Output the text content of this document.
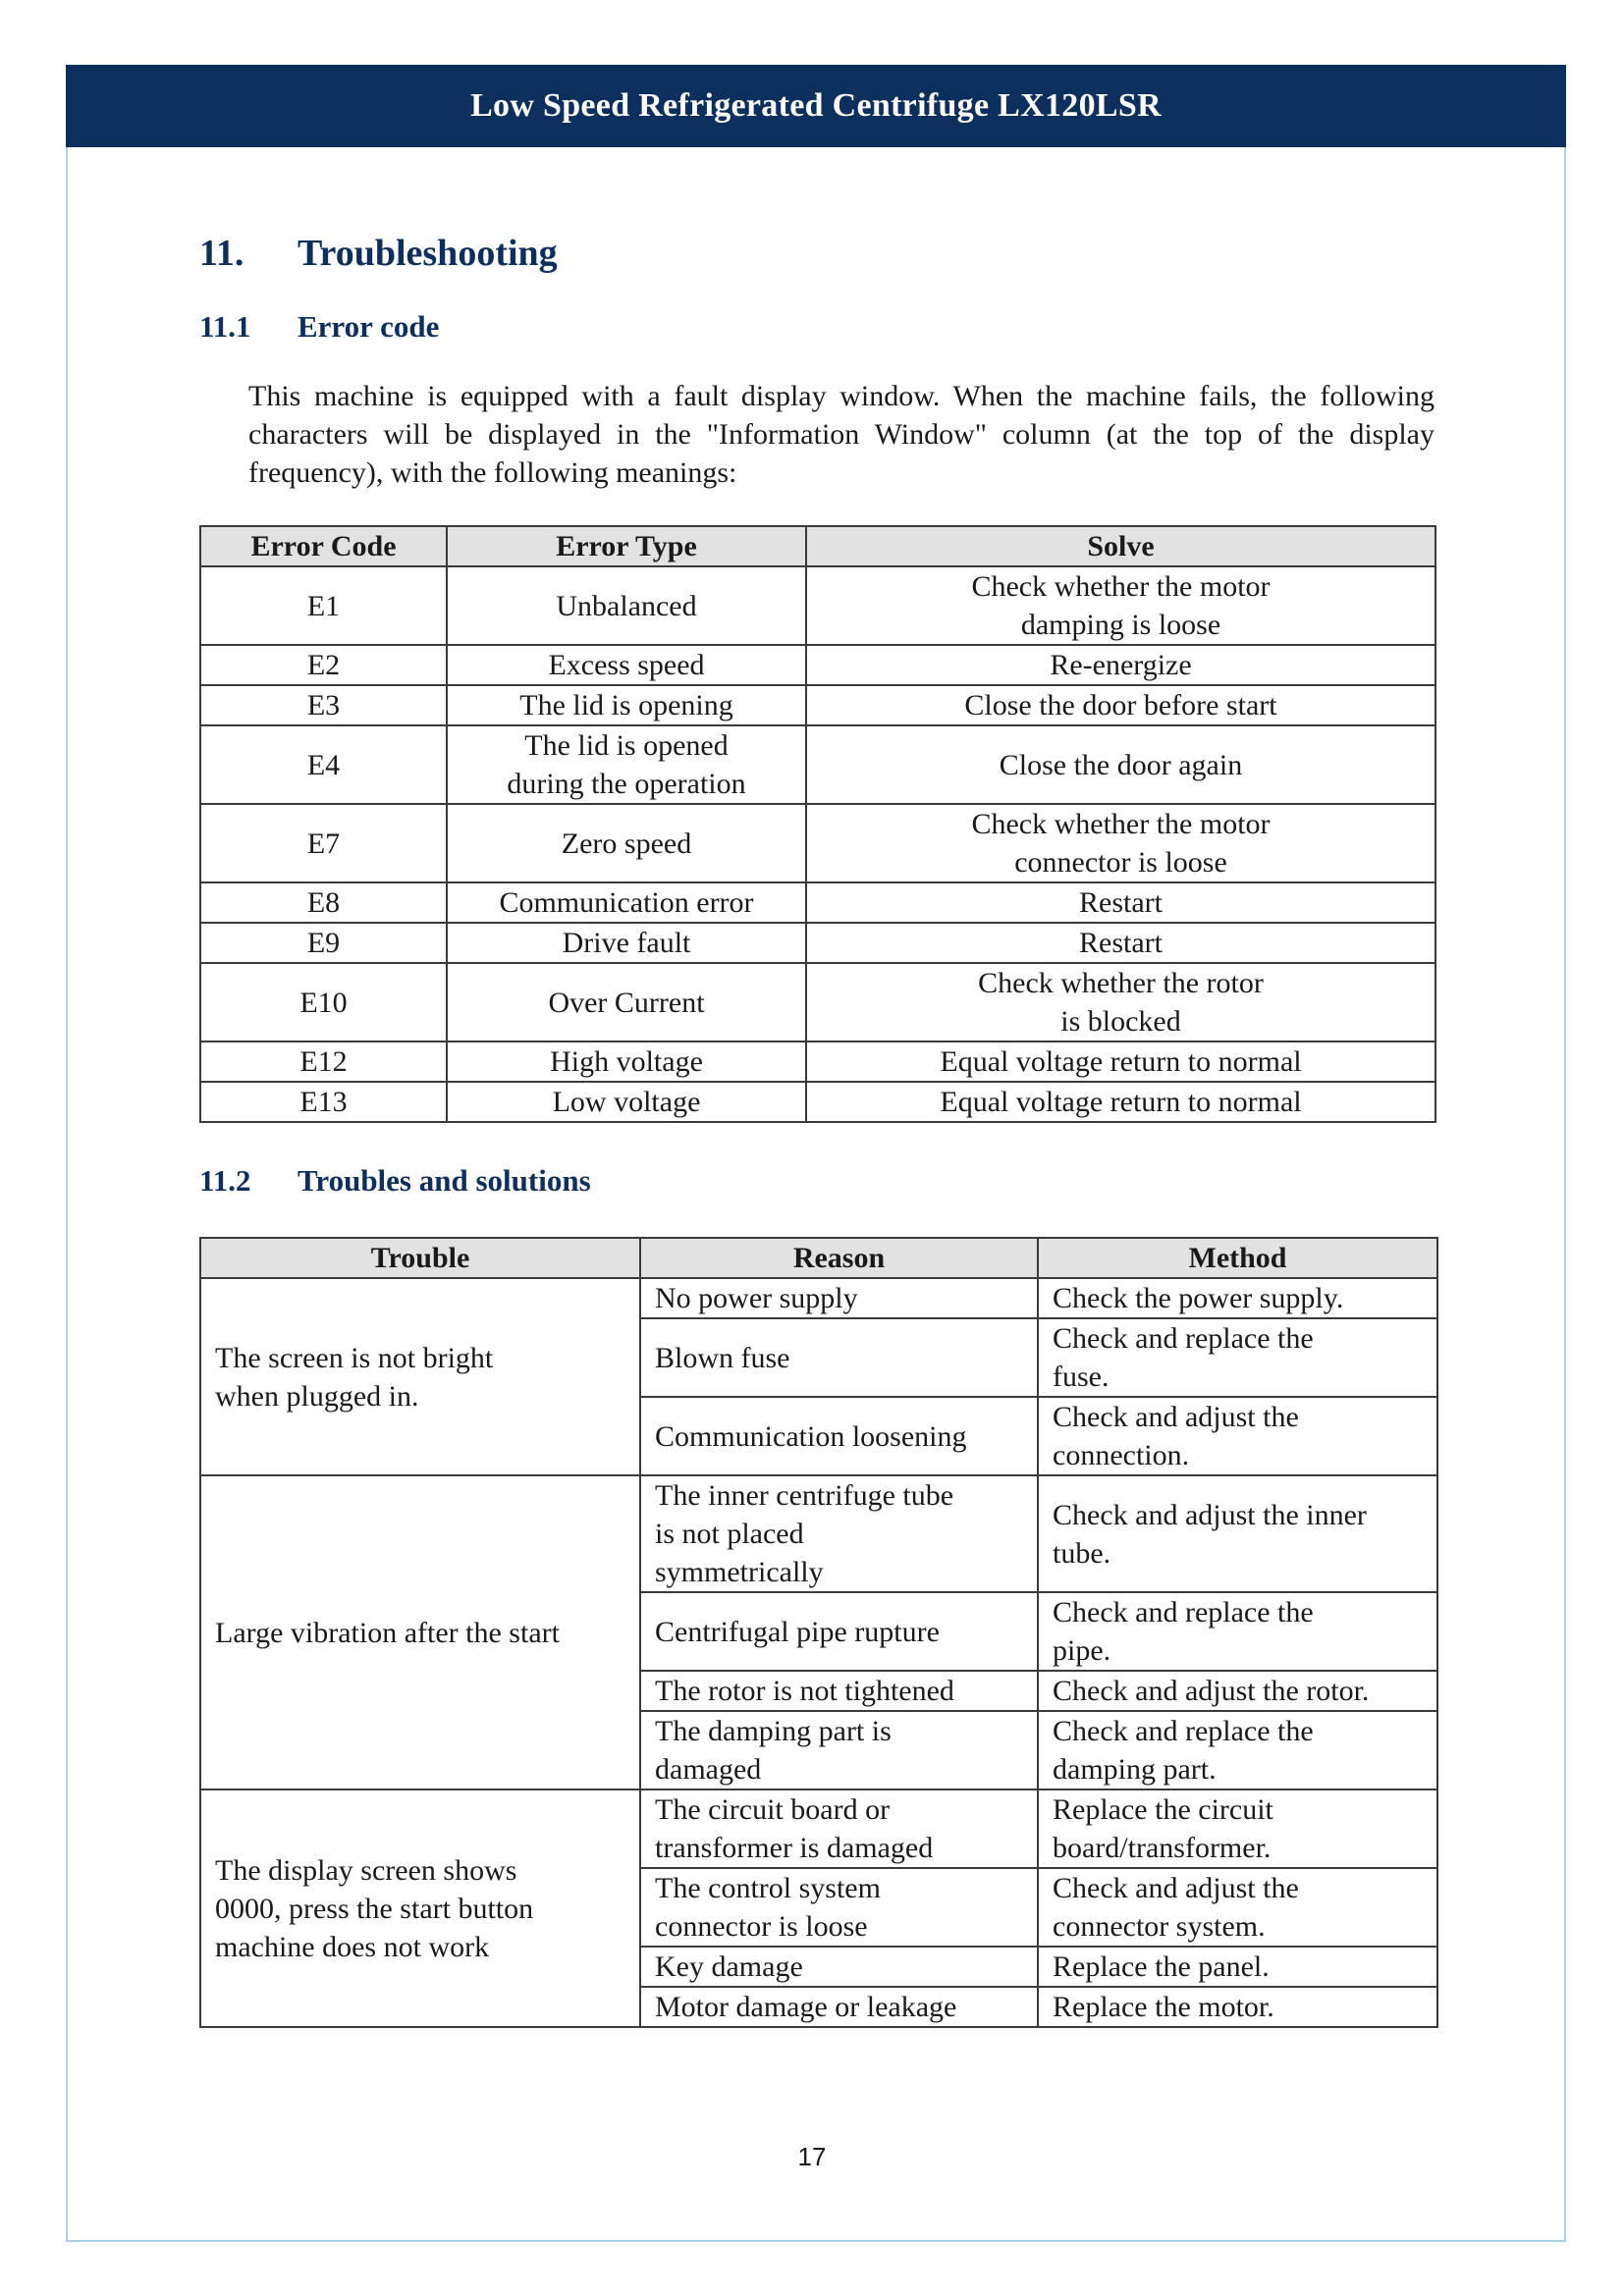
Low Speed Refrigerated Centrifuge LX120LSR
11.	Troubleshooting
11.1	Error code

This machine is equipped with a fault display window. When the machine fails, the following characters will be displayed in the "Information Window" column (at the top of the display frequency), with the following meanings:

Error Code	Error Type	Solve
E1	Unbalanced	Check whether the motor
damping is loose
E2	Excess speed	Re-energize
E3	The lid is opening	Close the door before start
E4	The lid is opened
during the operation	Close the door again
E7	Zero speed	Check whether the motor
connector is loose
E8	Communication error	Restart
E9	Drive fault	Restart
E10	Over Current	Check whether the rotor
is blocked
E12	High voltage	Equal voltage return to normal
E13	Low voltage	Equal voltage return to normal
11.2	Troubles and solutions
Trouble	Reason	Method
The screen is not bright
when plugged in.	No power supply	Check the power supply.
	Blown fuse	Check and replace the
fuse.
	Communication loosening	Check and adjust the
connection.
Large vibration after the start	The inner centrifuge tube
is not placed
symmetrically	Check and adjust the inner
tube.
	Centrifugal pipe rupture	Check and replace the
pipe.
	The rotor is not tightened	Check and adjust the rotor.
	The damping part is
damaged	Check and replace the
damping part.
The display screen shows
0000, press the start button
machine does not work	The circuit board or
transformer is damaged	Replace the circuit
board/transformer.
	The control system
connector is loose	Check and adjust the
connector system.
	Key damage	Replace the panel.
	Motor damage or leakage	Replace the motor.
17
